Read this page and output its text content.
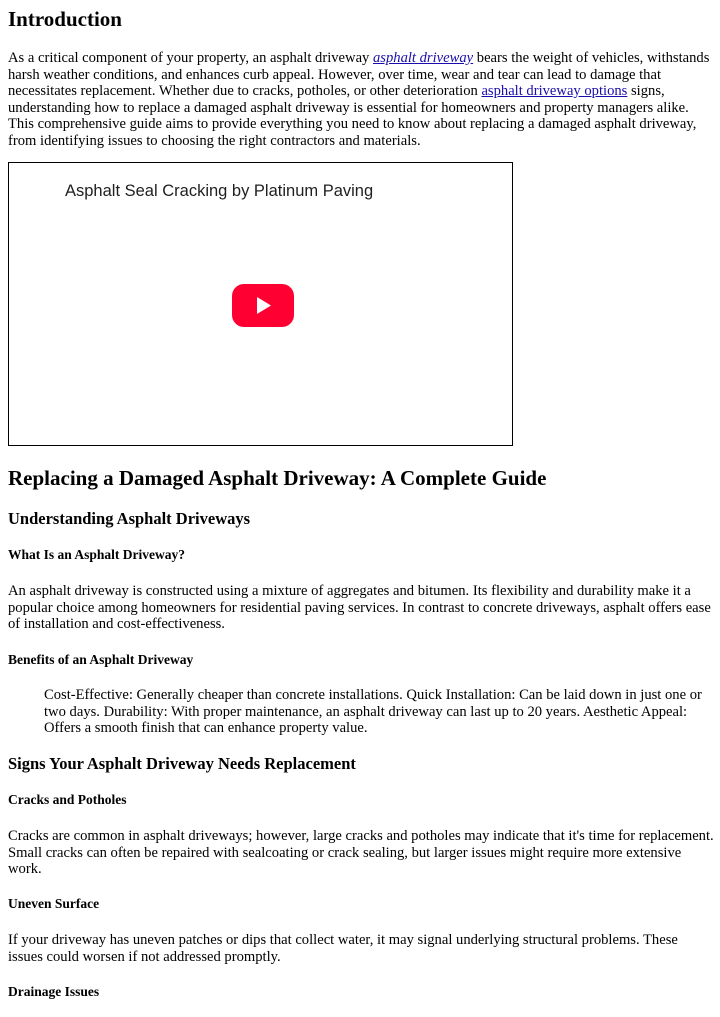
Introduction

As a critical component of your property, an asphalt driveway asphalt driveway bears the weight of vehicles, withstands harsh weather conditions, and enhances curb appeal. However, over time, wear and tear can lead to damage that necessitates replacement. Whether due to cracks, potholes, or other deterioration asphalt driveway options signs, understanding how to replace a damaged asphalt driveway is essential for homeowners and property managers alike. This comprehensive guide aims to provide everything you need to know about replacing a damaged asphalt driveway, from identifying issues to choosing the right contractors and materials.

Asphalt Seal Cracking by Platinum Paving
Replacing a Damaged Asphalt Driveway: A Complete Guide
Understanding Asphalt Driveways
What Is an Asphalt Driveway?

An asphalt driveway is constructed using a mixture of aggregates and bitumen. Its flexibility and durability make it a popular choice among homeowners for residential paving services. In contrast to concrete driveways, asphalt offers ease of installation and cost-effectiveness.

Benefits of an Asphalt Driveway

Cost-Effective: Generally cheaper than concrete installations. Quick Installation: Can be laid down in just one or two days. Durability: With proper maintenance, an asphalt driveway can last up to 20 years. Aesthetic Appeal: Offers a smooth finish that can enhance property value.

Signs Your Asphalt Driveway Needs Replacement
Cracks and Potholes

Cracks are common in asphalt driveways; however, large cracks and potholes may indicate that it's time for replacement. Small cracks can often be repaired with sealcoating or crack sealing, but larger issues might require more extensive work.

Uneven Surface

If your driveway has uneven patches or dips that collect water, it may signal underlying structural problems. These issues could worsen if not addressed promptly.

Drainage Issues
